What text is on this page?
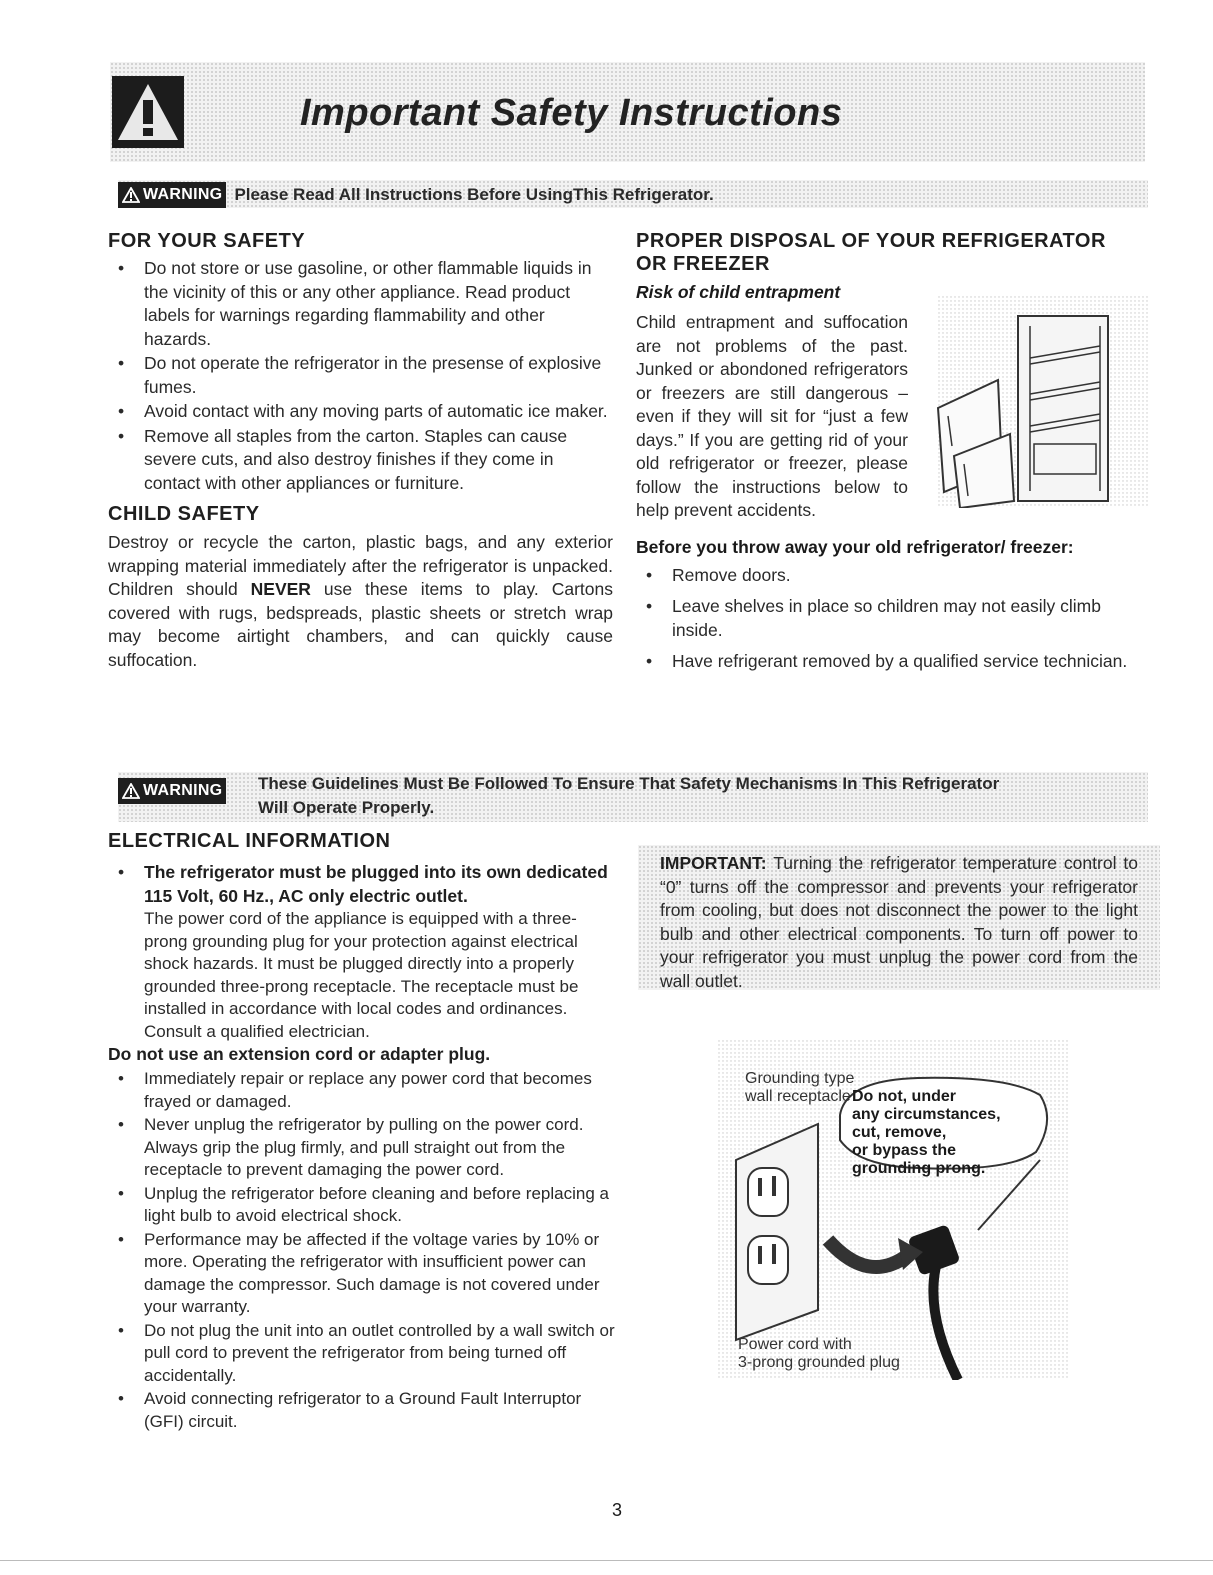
Important Safety Instructions
WARNING Please Read All Instructions Before UsingThis Refrigerator.
FOR YOUR SAFETY
• Do not store or use gasoline, or other flammable liquids in the vicinity of this or any other appliance. Read product labels for warnings regarding flammability and other hazards.
• Do not operate the refrigerator in the presense of explosive fumes.
• Avoid contact with any moving parts of automatic ice maker.
• Remove all staples from the carton. Staples can cause severe cuts, and also destroy finishes if they come in contact with other appliances or furniture.
CHILD SAFETY
Destroy or recycle the carton, plastic bags, and any exterior wrapping material immediately after the refrigerator is unpacked. Children should NEVER use these items to play. Cartons covered with rugs, bedspreads, plastic sheets or stretch wrap may become airtight chambers, and can quickly cause suffocation.
PROPER DISPOSAL OF YOUR REFRIGERATOR
OR FREEZER
Risk of child entrapment
Child entrapment and suffocation are not problems of the past. Junked or abondoned refrigerators or freezers are still dangerous – even if they will sit for “just a few days.” If you are getting rid of your old refrigerator or freezer, please follow the instructions below to help prevent accidents.
Before you throw away your old refrigerator/ freezer:
• Remove doors.
• Leave shelves in place so children may not easily climb inside.
• Have refrigerant removed by a qualified service technician.
WARNING These Guidelines Must Be Followed To Ensure That Safety Mechanisms In This Refrigerator
Will Operate Properly.
ELECTRICAL INFORMATION
• The refrigerator must be plugged into its own dedicated 115 Volt, 60 Hz., AC only electric outlet.
The power cord of the appliance is equipped with a three-prong grounding plug for your protection against electrical shock hazards. It must be plugged directly into a properly grounded three-prong receptacle. The receptacle must be installed in accordance with local codes and ordinances. Consult a qualified electrician.
Do not use an extension cord or adapter plug.
• Immediately repair or replace any power cord that becomes frayed or damaged.
• Never unplug the refrigerator by pulling on the power cord. Always grip the plug firmly, and pull straight out from the receptacle to prevent damaging the power cord.
• Unplug the refrigerator before cleaning and before replacing a light bulb to avoid electrical shock.
• Performance may be affected if the voltage varies by 10% or more. Operating the refrigerator with insufficient power can damage the compressor. Such damage is not covered under your warranty.
• Do not plug the unit into an outlet controlled by a wall switch or pull cord to prevent the refrigerator from being turned off accidentally.
• Avoid connecting refrigerator to a Ground Fault Interruptor (GFI) circuit.
IMPORTANT: Turning the refrigerator temperature control to “0” turns off the compressor and prevents your refrigerator from cooling, but does not disconnect the power to the light bulb and other electrical components. To turn off power to your refrigerator you must unplug the power cord from the wall outlet.
Grounding type
wall receptacle Do not, under
any circumstances,
cut, remove,
or bypass the
grounding prong.
Power cord with
3-prong grounded plug
3
